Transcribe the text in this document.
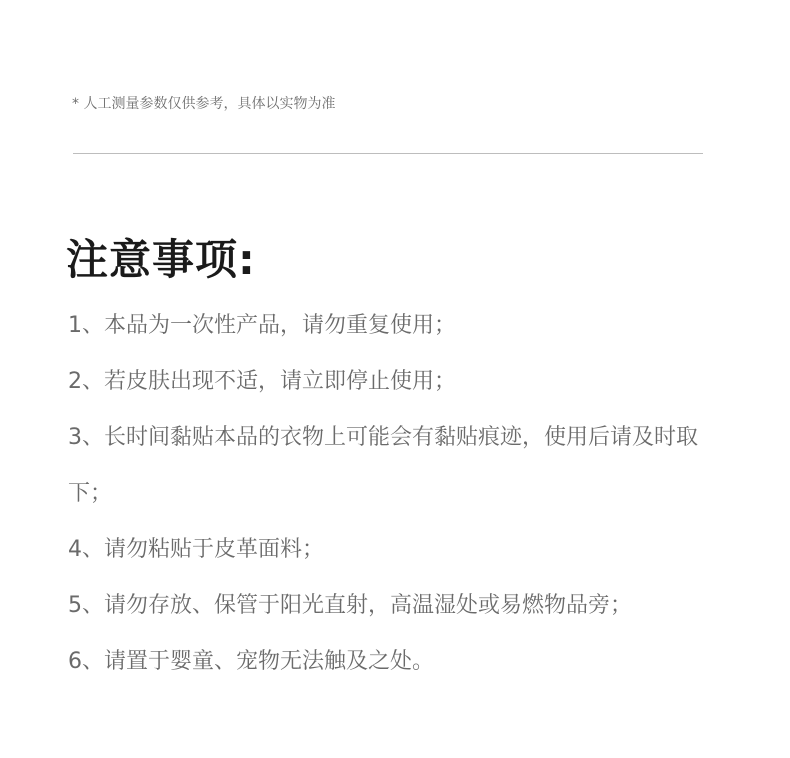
* 人工测量参数仅供参考，具体以实物为准
注意事项:
1、本品为一次性产品，请勿重复使用；
2、若皮肤出现不适，请立即停止使用；
3、长时间黏贴本品的衣物上可能会有黏贴痕迹，使用后请及时取下；
4、请勿粘贴于皮革面料；
5、请勿存放、保管于阳光直射，高温湿处或易燃物品旁；
6、请置于婴童、宠物无法触及之处。
